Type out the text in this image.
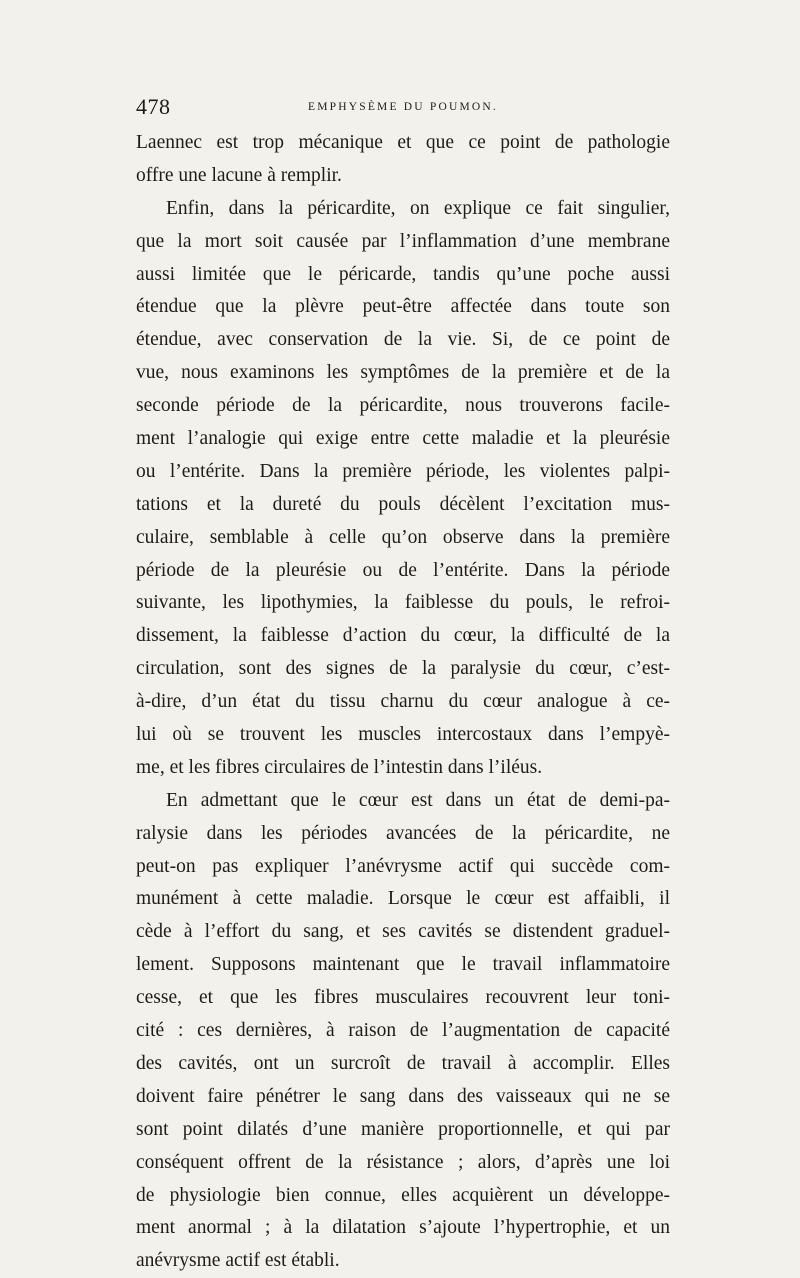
478	EMPHYSÈME DU POUMON.
Laennec est trop mécanique et que ce point de pathologie
offre une lacune à remplir.
Enfin, dans la péricardite, on explique ce fait singulier,
que la mort soit causée par l’inflammation d’une membrane
aussi limitée que le péricarde, tandis qu’une poche aussi
étendue que la plèvre peut-être affectée dans toute son
étendue, avec conservation de la vie. Si, de ce point de
vue, nous examinons les symptômes de la première et de la
seconde période de la péricardite, nous trouverons facile-
ment l’analogie qui exige entre cette maladie et la pleurésie
ou l’entérite. Dans la première période, les violentes palpi-
tations et la dureté du pouls décèlent l’excitation mus-
culaire, semblable à celle qu’on observe dans la première
période de la pleurésie ou de l’entérite. Dans la période
suivante, les lipothymies, la faiblesse du pouls, le refroi-
dissement, la faiblesse d’action du cœur, la difficulté de la
circulation, sont des signes de la paralysie du cœur, c’est-
à-dire, d’un état du tissu charnu du cœur analogue à ce-
lui où se trouvent les muscles intercostaux dans l’empyè-
me, et les fibres circulaires de l’intestin dans l’iléus.
En admettant que le cœur est dans un état de demi-pa-
ralysie dans les périodes avancées de la péricardite, ne
peut-on pas expliquer l’anévrysme actif qui succède com-
munément à cette maladie. Lorsque le cœur est affaibli, il
cède à l’effort du sang, et ses cavités se distendent graduel-
lement. Supposons maintenant que le travail inflammatoire
cesse, et que les fibres musculaires recouvrent leur toni-
cité : ces dernières, à raison de l’augmentation de capacité
des cavités, ont un surcroît de travail à accomplir. Elles
doivent faire pénétrer le sang dans des vaisseaux qui ne se
sont point dilatés d’une manière proportionnelle, et qui par
conséquent offrent de la résistance ; alors, d’après une loi
de physiologie bien connue, elles acquièrent un développe-
ment anormal ; à la dilatation s’ajoute l’hypertrophie, et un
anévrysme actif est établi.
